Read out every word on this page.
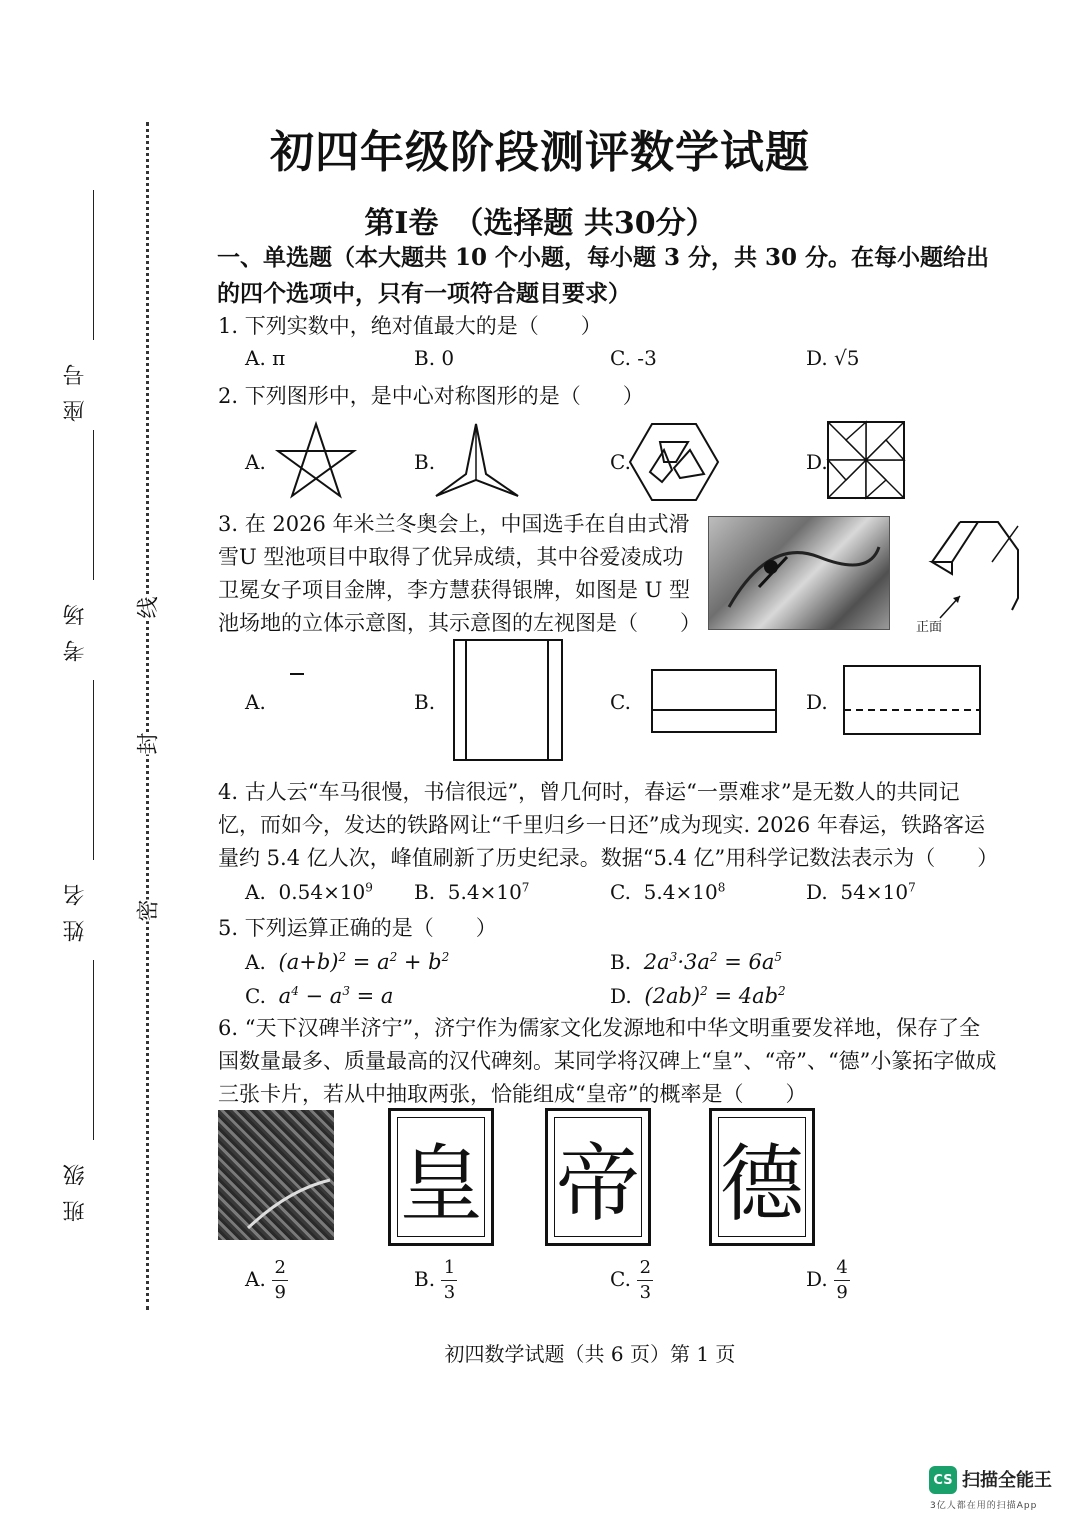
座号
考场
姓名
班级
线
封
密
初四年级阶段测评数学试题
第Ⅰ卷　（选择题 共30分）
一、单选题（本大题共 10 个小题，每小题 3 分，共 30 分。在每小题给出的四个选项中，只有一项符合题目要求）
1. 下列实数中，绝对值最大的是（　　）
A. π	B. 0	C. -3	D. √5
2. 下列图形中，是中心对称图形的是（　　）
A.	B.	C.	D.
3. 在 2026 年米兰冬奥会上，中国选手在自由式滑雪U 型池项目中取得了优异成绩，其中谷爱凌成功卫冕女子项目金牌，李方慧获得银牌，如图是 U 型池场地的立体示意图，其示意图的左视图是（　　）	正面
A.	B.	C.	D.
4. 古人云“车马很慢，书信很远”，曾几何时，春运“一票难求”是无数人的共同记忆，而如今，发达的铁路网让“千里归乡一日还”成为现实. 2026 年春运，铁路客运量约 5.4 亿人次，峰值刷新了历史纪录。数据“5.4 亿”用科学记数法表示为（　　）
A. $0.54\times 10^9$ B. $5.4\times 10^7$	C. $5.4\times 10^8$	D. $54\times 10^7$
5. 下列运算正确的是（　　）
A. $(a+b)^2 = a^2 + b^2$	B. $2a^3\cdot 3a^2 = 6a^5$
C. $a^4 - a^3 = a$	D. $(2ab)^2 = 4ab^2$
6. “天下汉碑半济宁”，济宁作为儒家文化发源地和中华文明重要发祥地，保存了全国数量最多、质量最高的汉代碑刻。某同学将汉碑上“皇”、“帝”、“德”小篆拓字做成三张卡片，若从中抽取两张，恰能组成“皇帝”的概率是（　　）
皇 帝 德
A. $\frac{2}{9}$	B. $\frac{1}{3}$	C. $\frac{2}{3}$	D. $\frac{4}{9}$
初四数学试题（共 6 页）第 1 页
CS 扫描全能王
3亿人都在用的扫描App
